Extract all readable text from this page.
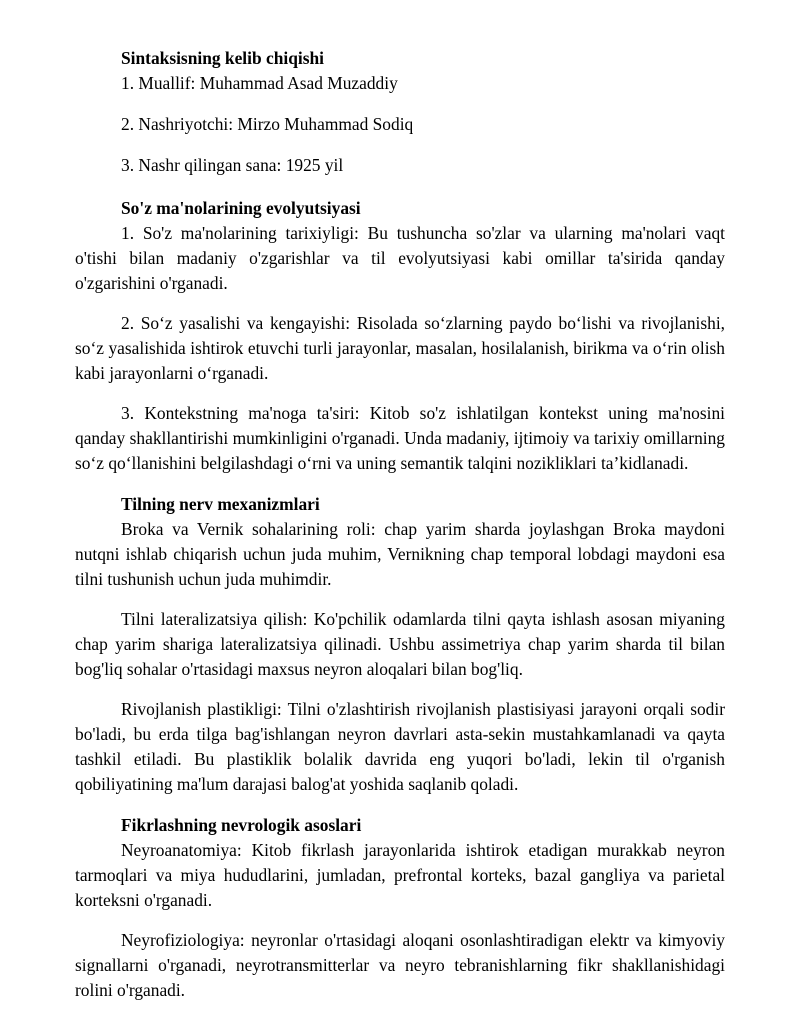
Sintaksisning kelib chiqishi
1. Muallif: Muhammad Asad Muzaddiy
2. Nashriyotchi: Mirzo Muhammad Sodiq
3. Nashr qilingan sana: 1925 yil
So'z ma'nolarining evolyutsiyasi

1. So'z ma'nolarining tarixiyligi: Bu tushuncha so'zlar va ularning ma'nolari vaqt o'tishi bilan madaniy o'zgarishlar va til evolyutsiyasi kabi omillar ta'sirida qanday o'zgarishini o'rganadi.

2. So‘z yasalishi va kengayishi: Risolada so‘zlarning paydo bo‘lishi va rivojlanishi, so‘z yasalishida ishtirok etuvchi turli jarayonlar, masalan, hosilalanish, birikma va o‘rin olish kabi jarayonlarni o‘rganadi.

3. Kontekstning ma'noga ta'siri: Kitob so'z ishlatilgan kontekst uning ma'nosini qanday shakllantirishi mumkinligini o'rganadi. Unda madaniy, ijtimoiy va tarixiy omillarning so‘z qo‘llanishini belgilashdagi o‘rni va uning semantik talqini nozikliklari ta’kidlanadi.

Tilning nerv mexanizmlari

Broka va Vernik sohalarining roli: chap yarim sharda joylashgan Broka maydoni nutqni ishlab chiqarish uchun juda muhim, Vernikning chap temporal lobdagi maydoni esa tilni tushunish uchun juda muhimdir.

Tilni lateralizatsiya qilish: Ko'pchilik odamlarda tilni qayta ishlash asosan miyaning chap yarim shariga lateralizatsiya qilinadi. Ushbu assimetriya chap yarim sharda til bilan bog'liq sohalar o'rtasidagi maxsus neyron aloqalari bilan bog'liq.

Rivojlanish plastikligi: Tilni o'zlashtirish rivojlanish plastisiyasi jarayoni orqali sodir bo'ladi, bu erda tilga bag'ishlangan neyron davrlari asta-sekin mustahkamlanadi va qayta tashkil etiladi. Bu plastiklik bolalik davrida eng yuqori bo'ladi, lekin til o'rganish qobiliyatining ma'lum darajasi balog'at yoshida saqlanib qoladi.

Fikrlashning nevrologik asoslari

Neyroanatomiya: Kitob fikrlash jarayonlarida ishtirok etadigan murakkab neyron tarmoqlari va miya hududlarini, jumladan, prefrontal korteks, bazal gangliya va parietal korteksni o'rganadi.

Neyrofiziologiya: neyronlar o'rtasidagi aloqani osonlashtiradigan elektr va kimyoviy signallarni o'rganadi, neyrotransmitterlar va neyro tebranishlarning fikr shakllanishidagi rolini o'rganadi.
